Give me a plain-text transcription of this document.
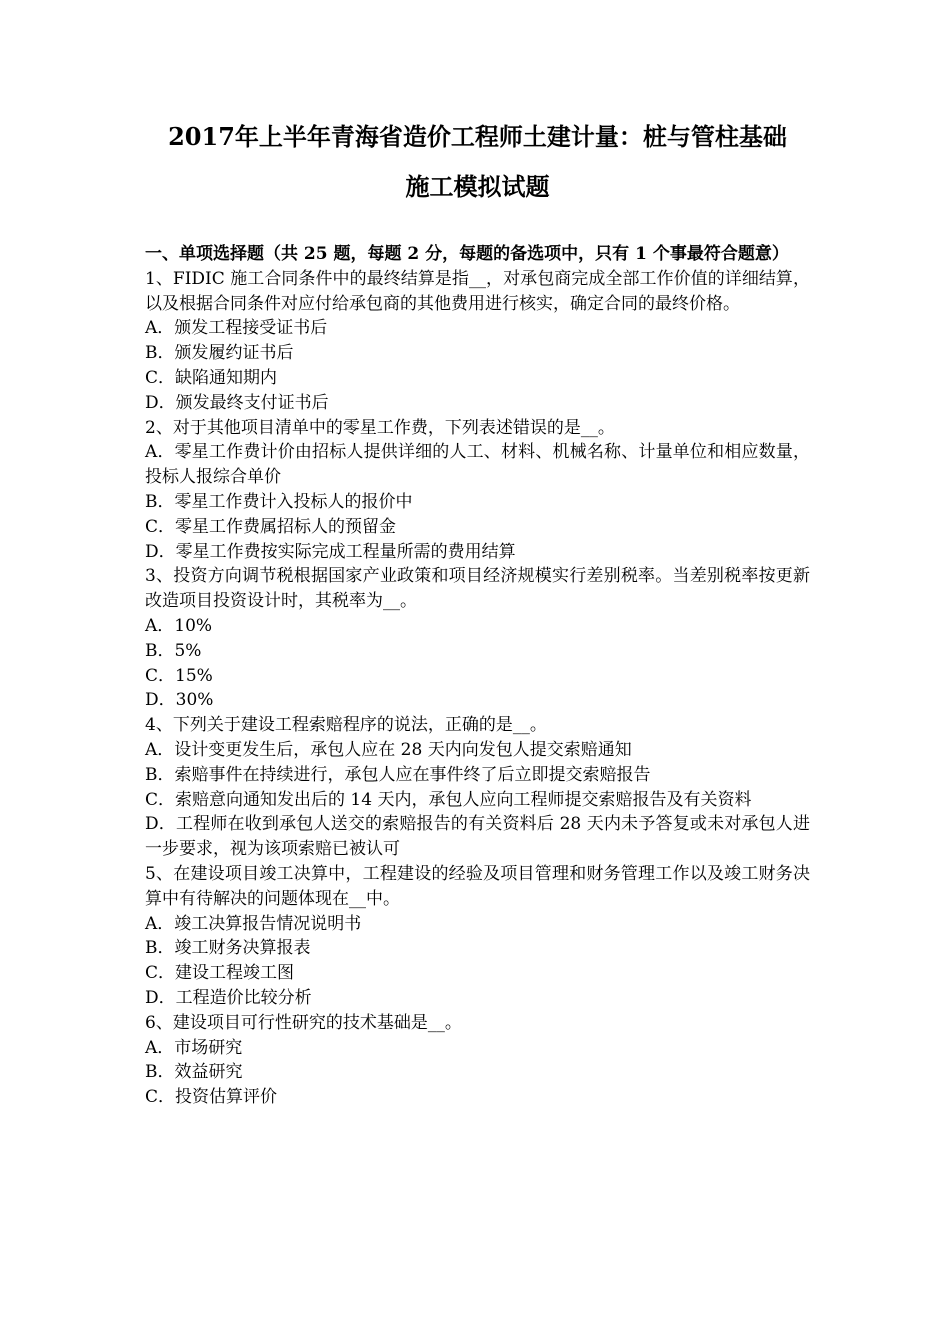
2017年上半年青海省造价工程师土建计量：桩与管柱基础
施工模拟试题

一、单项选择题（共 25 题，每题 2 分，每题的备选项中，只有 1 个事最符合题意）

1、FIDIC 施工合同条件中的最终结算是指__，对承包商完成全部工作价值的详细结算，以及根据合同条件对应付给承包商的其他费用进行核实，确定合同的最终价格。

A．颁发工程接受证书后

B．颁发履约证书后

C．缺陷通知期内

D．颁发最终支付证书后

2、对于其他项目清单中的零星工作费，下列表述错误的是__。

A．零星工作费计价由招标人提供详细的人工、材料、机械名称、计量单位和相应数量，投标人报综合单价

B．零星工作费计入投标人的报价中

C．零星工作费属招标人的预留金

D．零星工作费按实际完成工程量所需的费用结算

3、投资方向调节税根据国家产业政策和项目经济规模实行差别税率。当差别税率按更新改造项目投资设计时，其税率为__。

A．10%

B．5%

C．15%

D．30%

4、下列关于建设工程索赔程序的说法，正确的是__。

A．设计变更发生后，承包人应在 28 天内向发包人提交索赔通知

B．索赔事件在持续进行，承包人应在事件终了后立即提交索赔报告

C．索赔意向通知发出后的 14 天内，承包人应向工程师提交索赔报告及有关资料

D．工程师在收到承包人送交的索赔报告的有关资料后 28 天内未予答复或未对承包人进一步要求，视为该项索赔已被认可

5、在建设项目竣工决算中，工程建设的经验及项目管理和财务管理工作以及竣工财务决算中有待解决的问题体现在__中。

A．竣工决算报告情况说明书

B．竣工财务决算报表

C．建设工程竣工图

D．工程造价比较分析

6、建设项目可行性研究的技术基础是__。

A．市场研究

B．效益研究

C．投资估算评价
